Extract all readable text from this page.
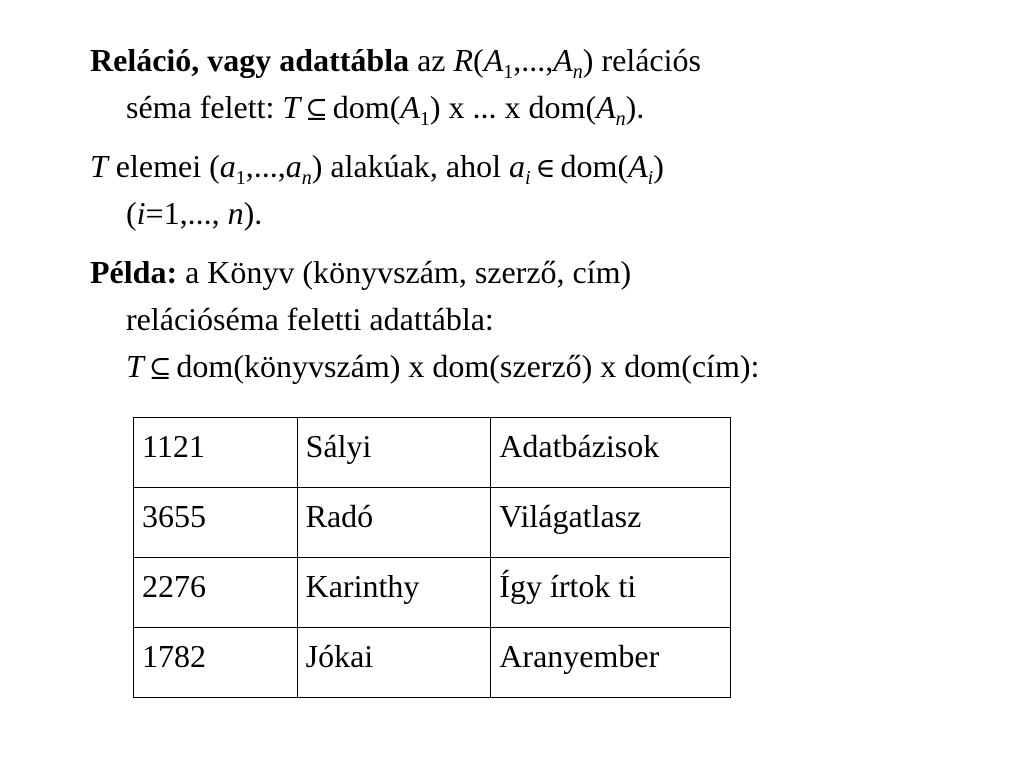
Reláció, vagy adattábla az $R(A_1,...,A_n)$ relációs
séma felett: T ⊆ $dom(A_1)$ x ... x $dom(A_n)$.
T elemei $(a_1,...,a_n)$ alakúak, ahol $a_i$ ∈ $dom(A_i)$
(i=1,..., n).
Példa: a Könyv (könyvszám, szerző, cím)
relációséma feletti adattábla:
T ⊆ dom(könyvszám) x dom(szerző) x dom(cím):
1121	Sályi	Adatbázisok
3655	Radó	Világatlasz
2276	Karinthy	Így írtok ti
1782	Jókai	Aranyember
